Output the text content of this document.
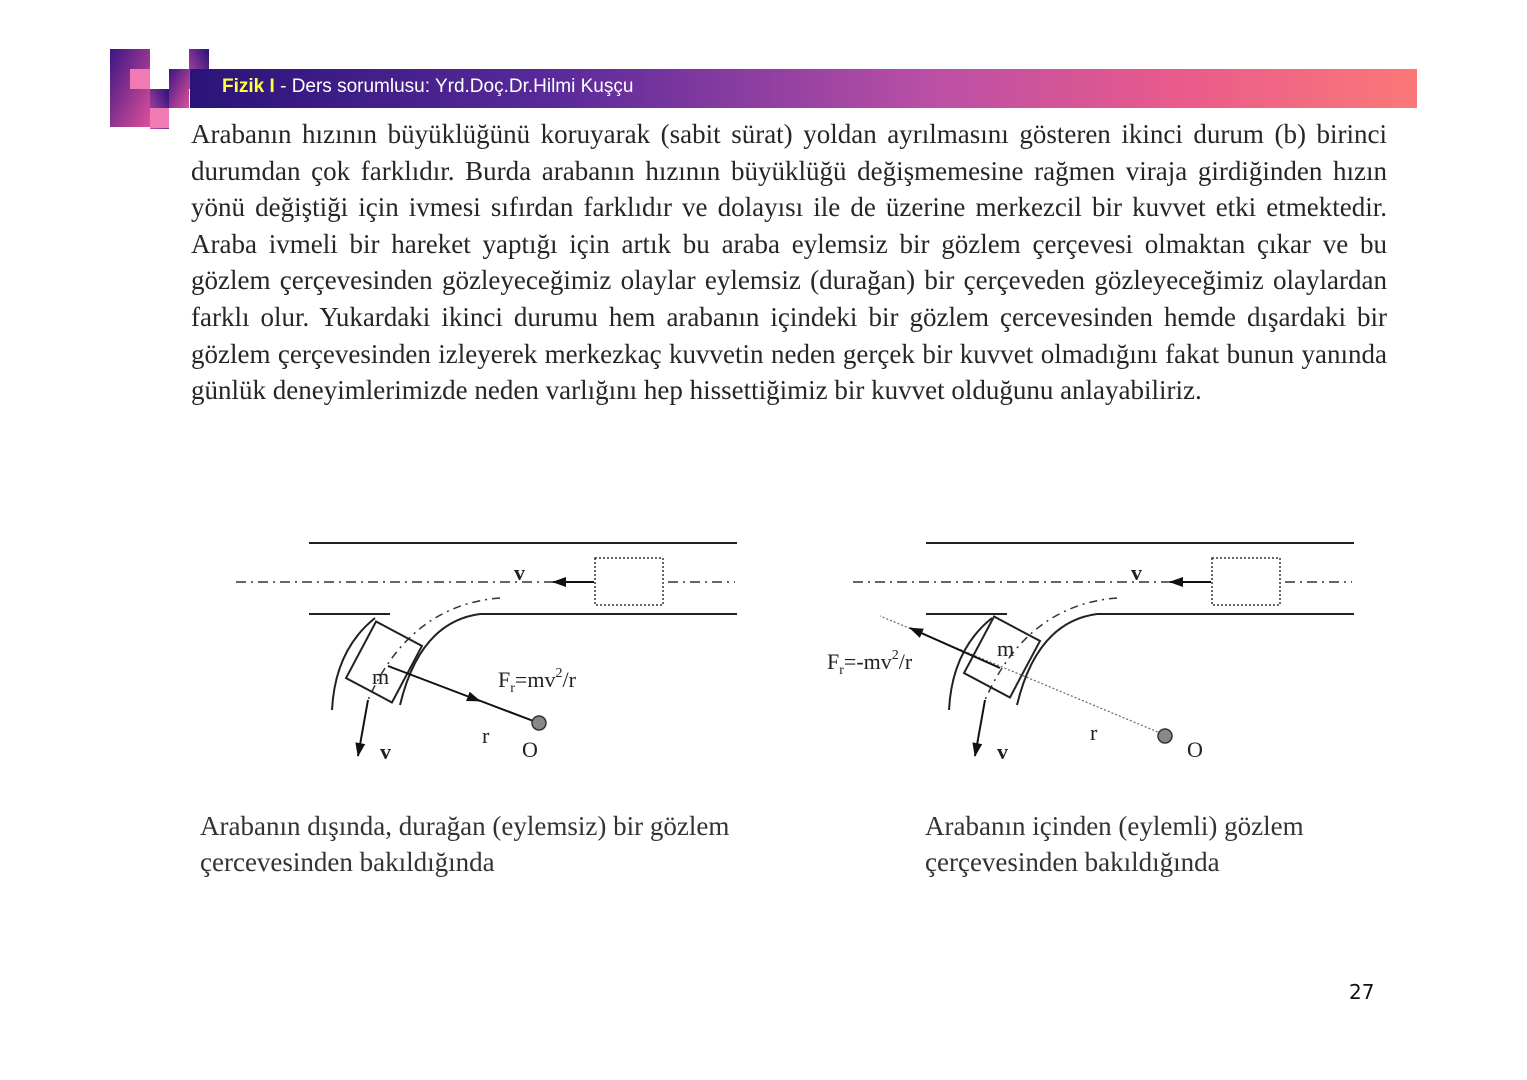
Fizik I - Ders sorumlusu: Yrd.Doç.Dr.Hilmi Kuşçu
Arabanın hızının büyüklüğünü koruyarak (sabit sürat) yoldan ayrılmasını gösteren ikinci durum (b) birinci durumdan çok farklıdır. Burda arabanın hızının büyüklüğü değişmemesine rağmen viraja girdiğinden hızın yönü değiştiği için ivmesi sıfırdan farklıdır ve dolayısı ile de üzerine merkezcil bir kuvvet etki etmektedir. Araba ivmeli bir hareket yaptığı için artık bu araba eylemsiz bir gözlem çerçevesi olmaktan çıkar ve bu gözlem çerçevesinden gözleyeceğimiz olaylar eylemsiz (durağan) bir çerçeveden gözleyeceğimiz olaylardan farklı olur. Yukardaki ikinci durumu hem arabanın içindeki bir gözlem çercevesinden hemde dışardaki bir gözlem çerçevesinden izleyerek merkezkaç kuvvetin neden gerçek bir kuvvet olmadığını fakat bunun yanında günlük deneyimlerimizde neden varlığını hep hissettiğimiz bir kuvvet olduğunu anlayabiliriz.
v
v
m	$F_r=mv^2/r$
r
O
v
v
m
$F_r=-mv^2/r$
r
O
Arabanın dışında, durağan (eylemsiz) bir gözlem çercevesinden bakıldığında
Arabanın içinden (eylemli) gözlem çerçevesinden bakıldığında
27
